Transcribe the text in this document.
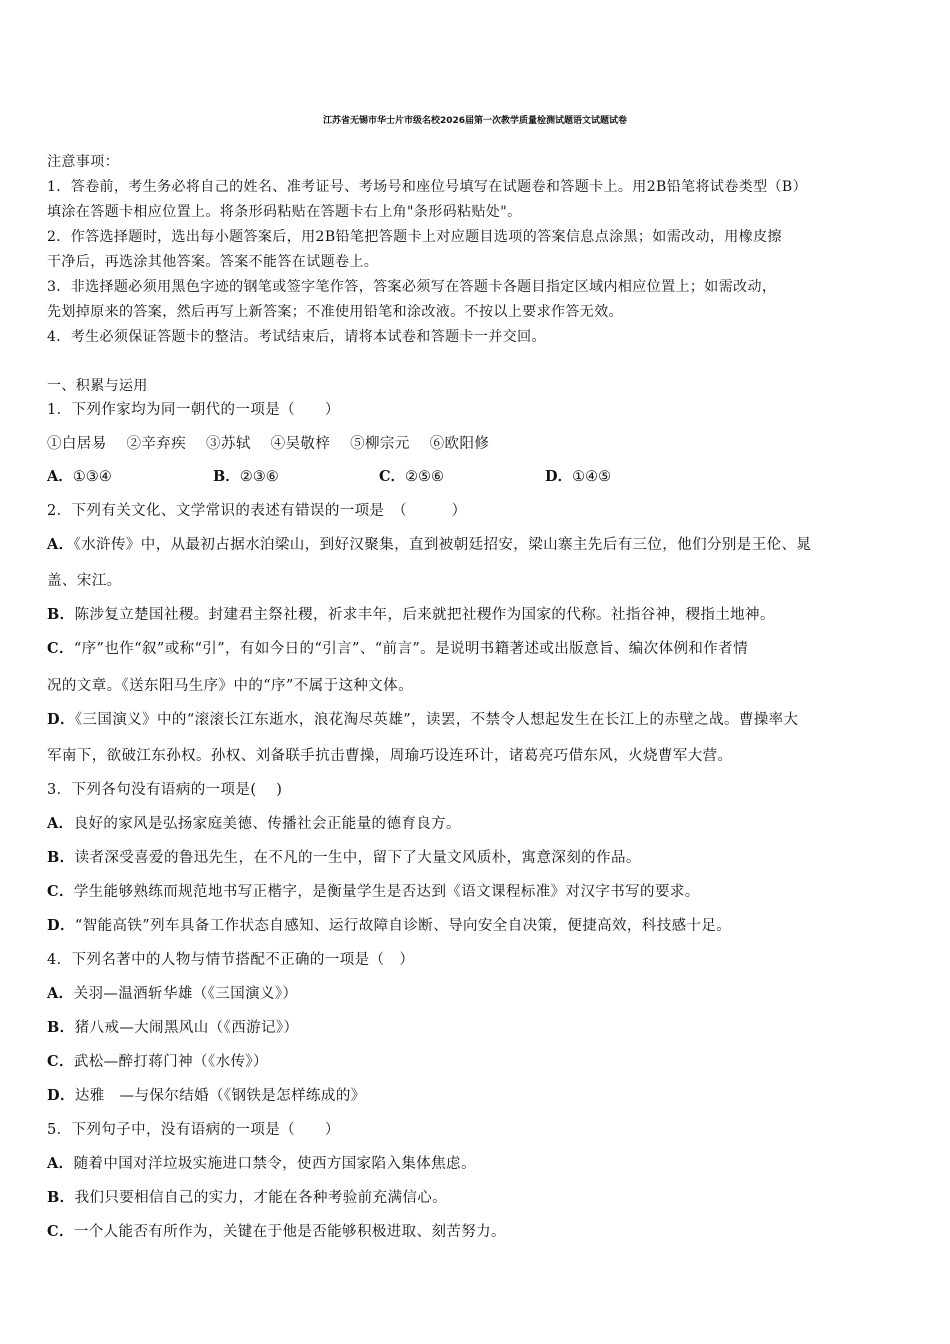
江苏省无锡市华士片市级名校2026届第一次教学质量检测试题语文试题试卷
注意事项：
1．答卷前，考生务必将自己的姓名、准考证号、考场号和座位号填写在试题卷和答题卡上。用2B铅笔将试卷类型（B）
填涂在答题卡相应位置上。将条形码粘贴在答题卡右上角"条形码粘贴处"。
2．作答选择题时，选出每小题答案后，用2B铅笔把答题卡上对应题目选项的答案信息点涂黑；如需改动，用橡皮擦
干净后，再选涂其他答案。答案不能答在试题卷上。
3．非选择题必须用黑色字迹的钢笔或签字笔作答，答案必须写在答题卡各题目指定区域内相应位置上；如需改动，
先划掉原来的答案，然后再写上新答案；不准使用铅笔和涂改液。不按以上要求作答无效。
4．考生必须保证答题卡的整洁。考试结束后，请将本试卷和答题卡一并交回。
一、积累与运用
1．下列作家均为同一朝代的一项是（　　）
①白居易　 ②辛弃疾　 ③苏轼　 ④吴敬梓　 ⑤柳宗元　 ⑥欧阳修
A．①③④	B．②③⑥	C．②⑤⑥	D．①④⑤
2．下列有关文化、文学常识的表述有错误的一项是　（　　　）
A．《水浒传》中，从最初占据水泊梁山，到好汉聚集，直到被朝廷招安，梁山寨主先后有三位，他们分别是王伦、晁
盖、宋江。
B．陈涉复立楚国社稷。封建君主祭社稷，祈求丰年，后来就把社稷作为国家的代称。社指谷神，稷指土地神。
C．“序”也作“叙”或称“引”，有如今日的“引言”、“前言”。是说明书籍著述或出版意旨、编次体例和作者情
况的文章。《送东阳马生序》中的“序”不属于这种文体。
D．《三国演义》中的“滚滚长江东逝水，浪花淘尽英雄”，读罢，不禁令人想起发生在长江上的赤壁之战。曹操率大
军南下，欲破江东孙权。孙权、刘备联手抗击曹操，周瑜巧设连环计，诸葛亮巧借东风，火烧曹军大营。
3．下列各句没有语病的一项是(　 )
A．良好的家风是弘扬家庭美德、传播社会正能量的德育良方。
B．读者深受喜爱的鲁迅先生，在不凡的一生中，留下了大量文风质朴，寓意深刻的作品。
C．学生能够熟练而规范地书写正楷字，是衡量学生是否达到《语文课程标准》对汉字书写的要求。
D．“智能高铁”列车具备工作状态自感知、运行故障自诊断、导向安全自决策，便捷高效，科技感十足。
4．下列名著中的人物与情节搭配不正确的一项是（　）
A．关羽—温酒斩华雄（《三国演义》）
B．猪八戒—大闹黑风山（《西游记》）
C．武松—醉打蒋门神（《水传》）
D．达雅　—与保尔结婚（《钢铁是怎样练成的》
5．下列句子中，没有语病的一项是（　　）
A．随着中国对洋垃圾实施进口禁令，使西方国家陷入集体焦虑。
B．我们只要相信自己的实力，才能在各种考验前充满信心。
C．一个人能否有所作为，关键在于他是否能够积极进取、刻苦努力。
